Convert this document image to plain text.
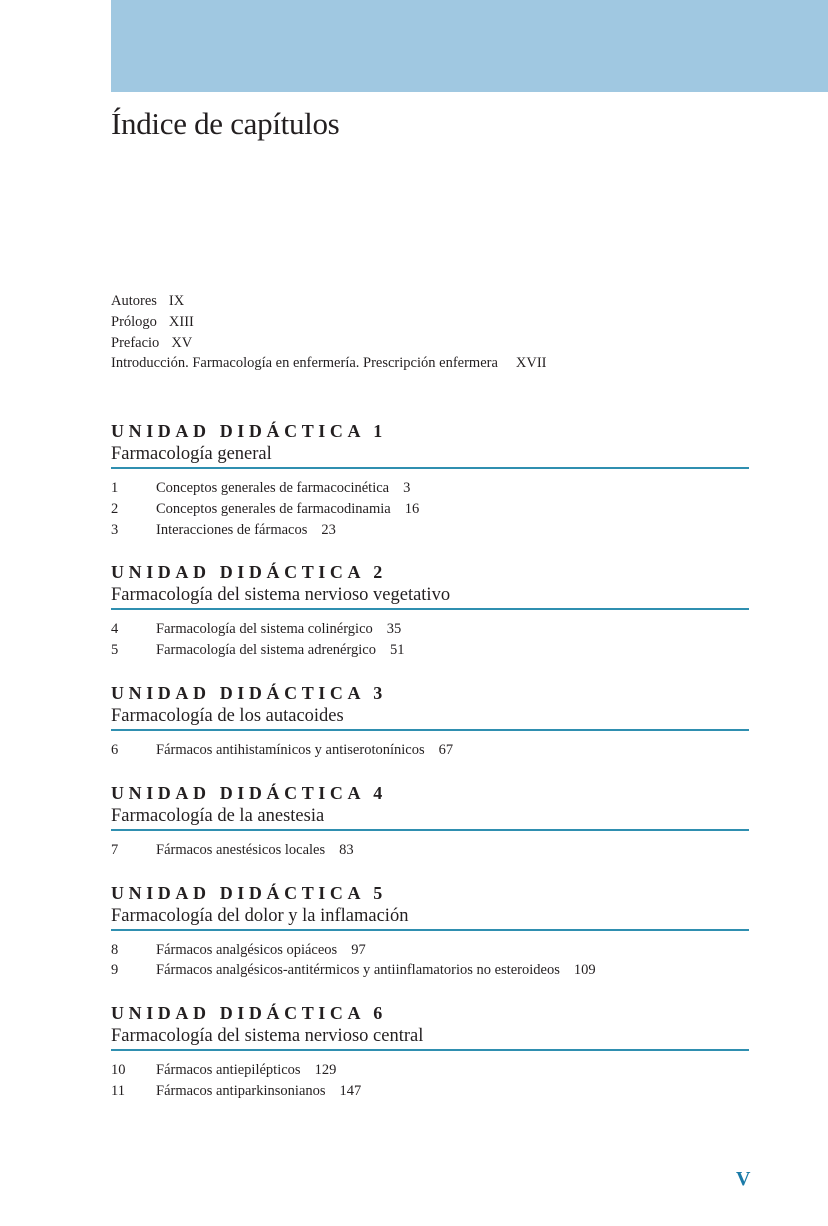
Índice de capítulos
Autores IX
Prólogo XIII
Prefacio XV
Introducción. Farmacología en enfermería. Prescripción enfermera XVII
UNIDAD DIDÁCTICA 1
Farmacología general
1	Conceptos generales de farmacocinética 3
2	Conceptos generales de farmacodinamia 16
3	Interacciones de fármacos 23
UNIDAD DIDÁCTICA 2
Farmacología del sistema nervioso vegetativo
4	Farmacología del sistema colinérgico 35
5	Farmacología del sistema adrenérgico 51
UNIDAD DIDÁCTICA 3
Farmacología de los autacoides
6	Fármacos antihistamínicos y antiserotonínicos 67
UNIDAD DIDÁCTICA 4
Farmacología de la anestesia
7	Fármacos anestésicos locales 83
UNIDAD DIDÁCTICA 5
Farmacología del dolor y la inflamación
8	Fármacos analgésicos opiáceos 97
9	Fármacos analgésicos-antitérmicos y antiinflamatorios no esteroideos 109
UNIDAD DIDÁCTICA 6
Farmacología del sistema nervioso central
10	Fármacos antiepilépticos 129
11	Fármacos antiparkinsonianos 147
V
